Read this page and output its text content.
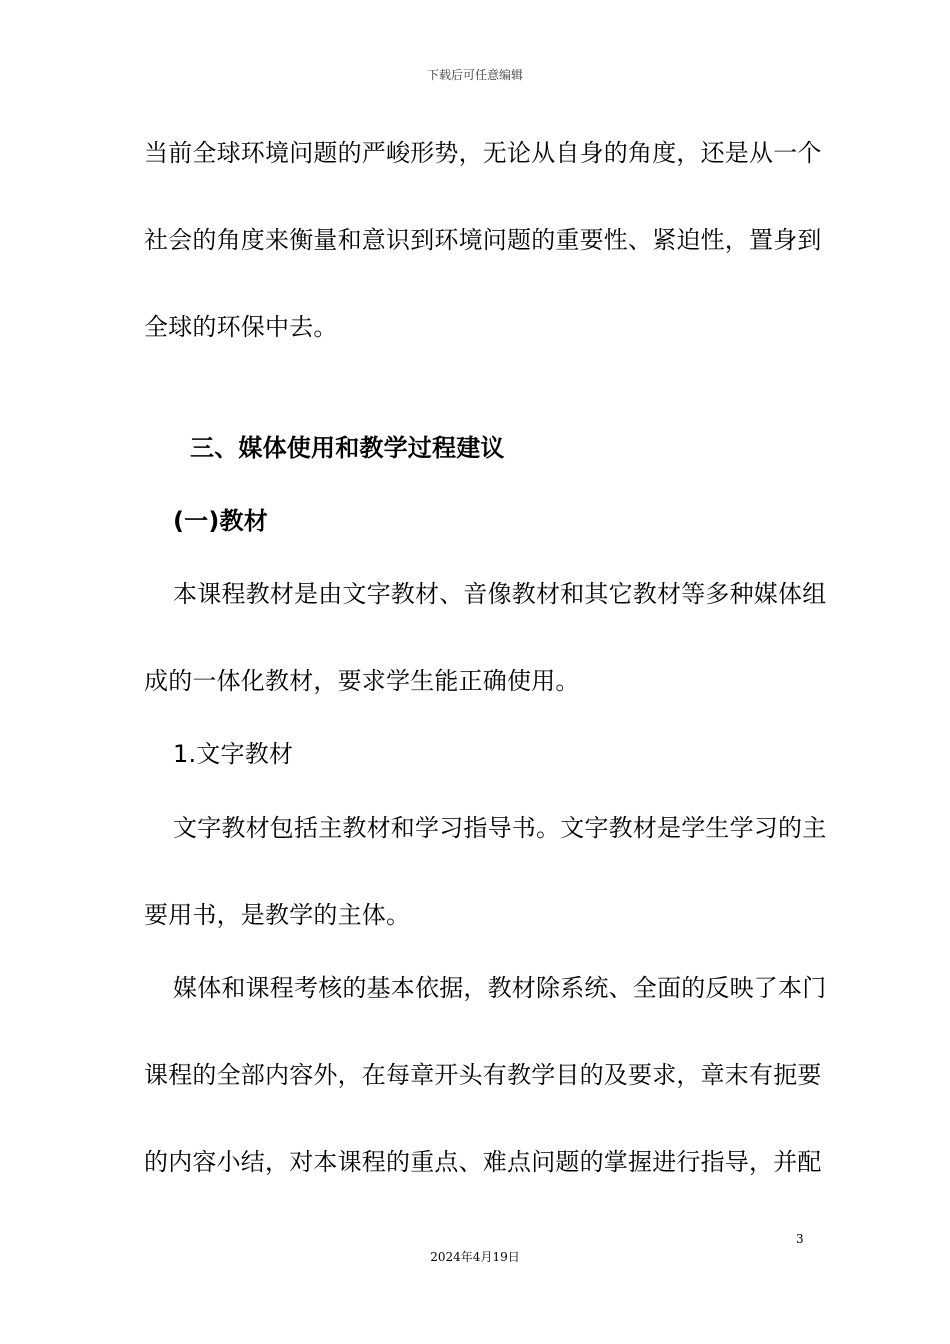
下载后可任意编辑
当前全球环境问题的严峻形势，无论从自身的角度，还是从一个
社会的角度来衡量和意识到环境问题的重要性、紧迫性，置身到
全球的环保中去。
三、媒体使用和教学过程建议
(一)教材
本课程教材是由文字教材、音像教材和其它教材等多种媒体组
成的一体化教材，要求学生能正确使用。
1.文字教材
文字教材包括主教材和学习指导书。文字教材是学生学习的主
要用书，是教学的主体。
媒体和课程考核的基本依据，教材除系统、全面的反映了本门
课程的全部内容外，在每章开头有教学目的及要求，章末有扼要
的内容小结，对本课程的重点、难点问题的掌握进行指导，并配
3
2024年4月19日
